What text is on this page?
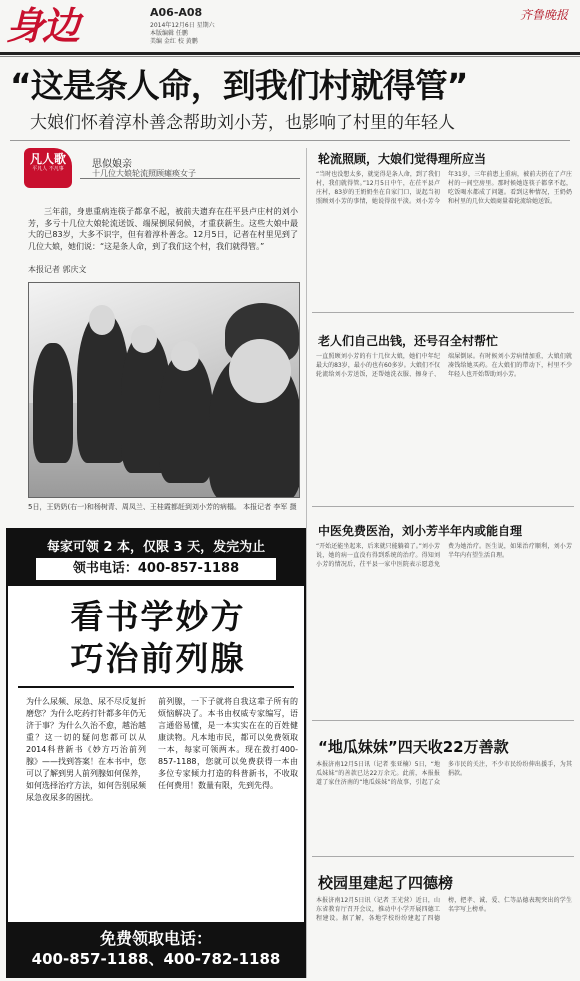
身边	A06-A08
2014年12月6日 星期六
本版编辑 任鹏
美编 金红 校 黄鹏
齐鲁晚报
“这是条人命，到我们村就得管”
大娘们怀着淳朴善念帮助刘小芳，也影响了村里的年轻人
凡人歌
平凡人 不凡事	思似娘亲
十几位大娘轮流照顾瘫痪女子
三年前，身患重病连筷子都拿不起，被前夫遗弃在茌平县卢庄村的刘小芳，多亏十几位大娘轮流送饭、端屎倒尿伺候，才重获新生。这些大娘中最大的已83岁，大多不识字，但有着淳朴善念。12月5日，记者在村里见到了几位大娘，她们说：“这是条人命，到了我们这个村，我们就得管。”
本报记者 郭庆文
5日，王奶奶(右一)和杨树青、周凤兰、王桂霞都赶到刘小芳的病榻。 本报记者 李军 摄
每家可领 2 本，仅限 3 天，发完为止
领书电话：400-857-1188
看书学妙方
巧治前列腺
为什么尿频、尿急、尿不尽反复折磨您？为什么吃药打针都多年仍无济于事？为什么久治不愈，越治越重？这一切的疑问您都可以从2014科普新书《妙方巧治前列腺》——找到答案！在本书中，您可以了解到男人前列腺如何保养，如何选择治疗方法，如何告别尿频尿急夜尿多的困扰。
前列腺，一下子就将自我这辈子所有的烦恼解决了。本书由权威专家编写，语言通俗易懂，是一本实实在在的百姓健康读物。凡本地市民，都可以免费领取一本，每家可领两本。现在拨打400-857-1188，您就可以免费获得一本由多位专家倾力打造的科普新书，不收取任何费用！数量有限，先到先得。
免费领取电话：
400-857-1188、400-782-1188
轮流照顾，大娘们觉得理所应当
“当时也没想太多，就觉得是条人命，到了我们村，我们就得管。”12月5日中午，在茌平县卢庄村，83岁的王奶奶坐在自家门口，说起当初照顾刘小芳的事情，她说得很平淡。刘小芳今年31岁，三年前患上重病，被前夫扔在了卢庄村的一间空房里。那时候她连筷子都拿不起，吃饭喝水都成了问题。看到这种情况，王奶奶和村里的几位大娘商量着轮流给她送饭。
老人们自己出钱，还号召全村帮忙
一直照顾刘小芳的有十几位大娘，她们中年纪最大的83岁，最小的也有60多岁。大娘们不仅轮流给刘小芳送饭，还帮她洗衣服、擦身子、端屎倒尿。有时候刘小芳病情加重，大娘们就凑钱给她买药。在大娘们的带动下，村里不少年轻人也开始帮助刘小芳。
中医免费医治，刘小芳半年内或能自理
“开始还能坐起来，后来就只能躺着了。”刘小芳说，她的病一直没有得到系统的治疗。得知刘小芳的情况后，茌平县一家中医院表示愿意免费为她治疗。医生说，如果治疗顺利，刘小芳半年内有望生活自理。
“地瓜妹妹”四天收22万善款
本报济南12月5日讯（记者 张亚楠）5日，“地瓜妹妹”的善款已达22万余元。此前，本报报道了家住济南的“地瓜妹妹”的故事，引起了众多市民的关注，不少市民纷纷伸出援手，为其捐款。
校园里建起了四德榜
本报济南12月5日讯（记者 王光营）近日，山东省教育厅召开会议，推动中小学开展四德工程建设。据了解，各地学校纷纷建起了四德榜，把孝、诚、爱、仁等品德表现突出的学生名字写上榜单。
